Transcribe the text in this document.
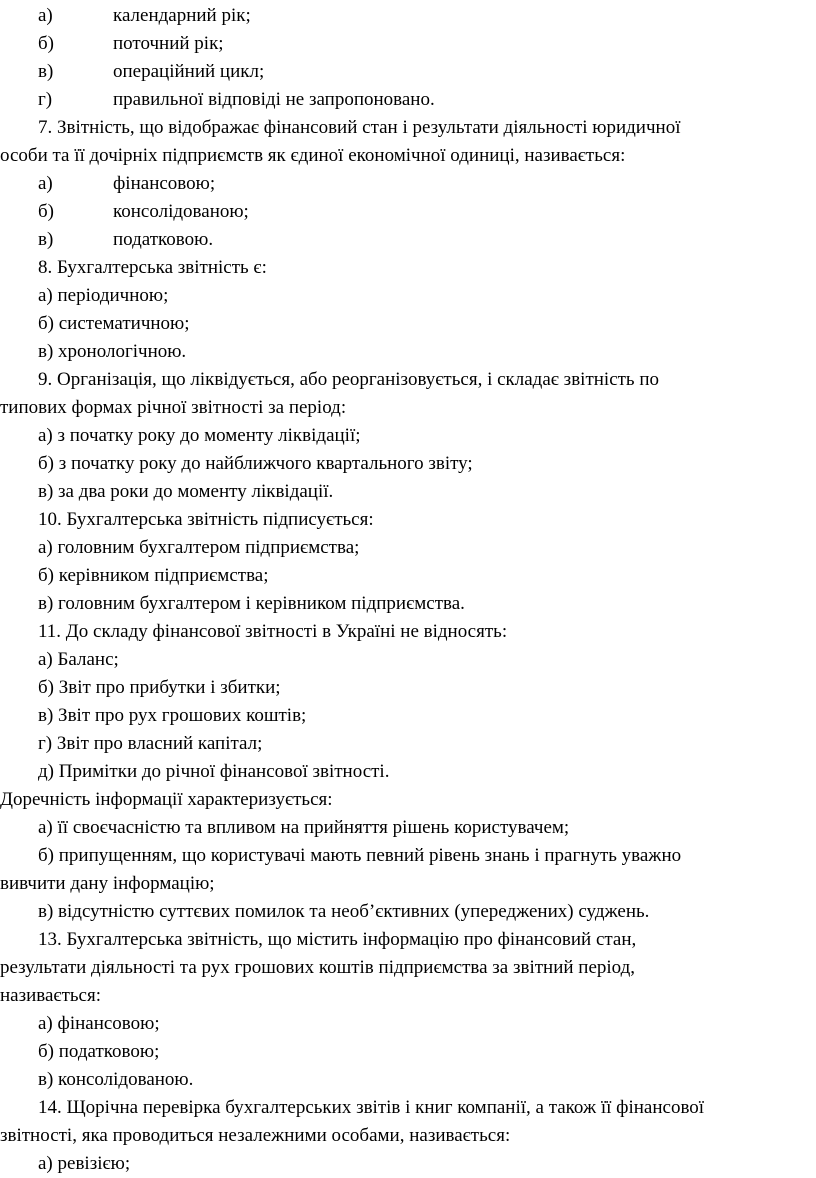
а)	календарний рік;
б)	поточний рік;
в)	операційний цикл;
г)	правильної відповіді не запропоновано.
7. Звітність, що відображає фінансовий стан і результати діяльності юридичної
особи та її дочірніх підприємств як єдиної економічної одиниці, називається:
а)	фінансовою;
б)	консолідованою;
в)	податковою.
8. Бухгалтерська звітність є:
а) періодичною;
б) систематичною;
в) хронологічною.
9. Організація, що ліквідується, або реорганізовується, і складає звітність по
типових формах річної звітності за період:
а) з початку року до моменту ліквідації;
б) з початку року до найближчого квартального звіту;
в) за два роки до моменту ліквідації.
10. Бухгалтерська звітність підписується:
а) головним бухгалтером підприємства;
б) керівником підприємства;
в) головним бухгалтером і керівником підприємства.
11. До складу фінансової звітності в Україні не відносять:
а) Баланс;
б) Звіт про прибутки і збитки;
в) Звіт про рух грошових коштів;
г) Звіт про власний капітал;
д) Примітки до річної фінансової звітності.
Доречність інформації характеризується:
а) її своєчасністю та впливом на прийняття рішень користувачем;
б) припущенням, що користувачі мають певний рівень знань і прагнуть уважно
вивчити дану інформацію;
в) відсутністю суттєвих помилок та необ’єктивних (упереджених) суджень.
13. Бухгалтерська звітність, що містить інформацію про фінансовий стан,
результати діяльності та рух грошових коштів підприємства за звітний період,
називається:
а) фінансовою;
б) податковою;
в) консолідованою.
14. Щорічна перевірка бухгалтерських звітів і книг компанії, а також її фінансової
звітності, яка проводиться незалежними особами, називається:
а) ревізією;
